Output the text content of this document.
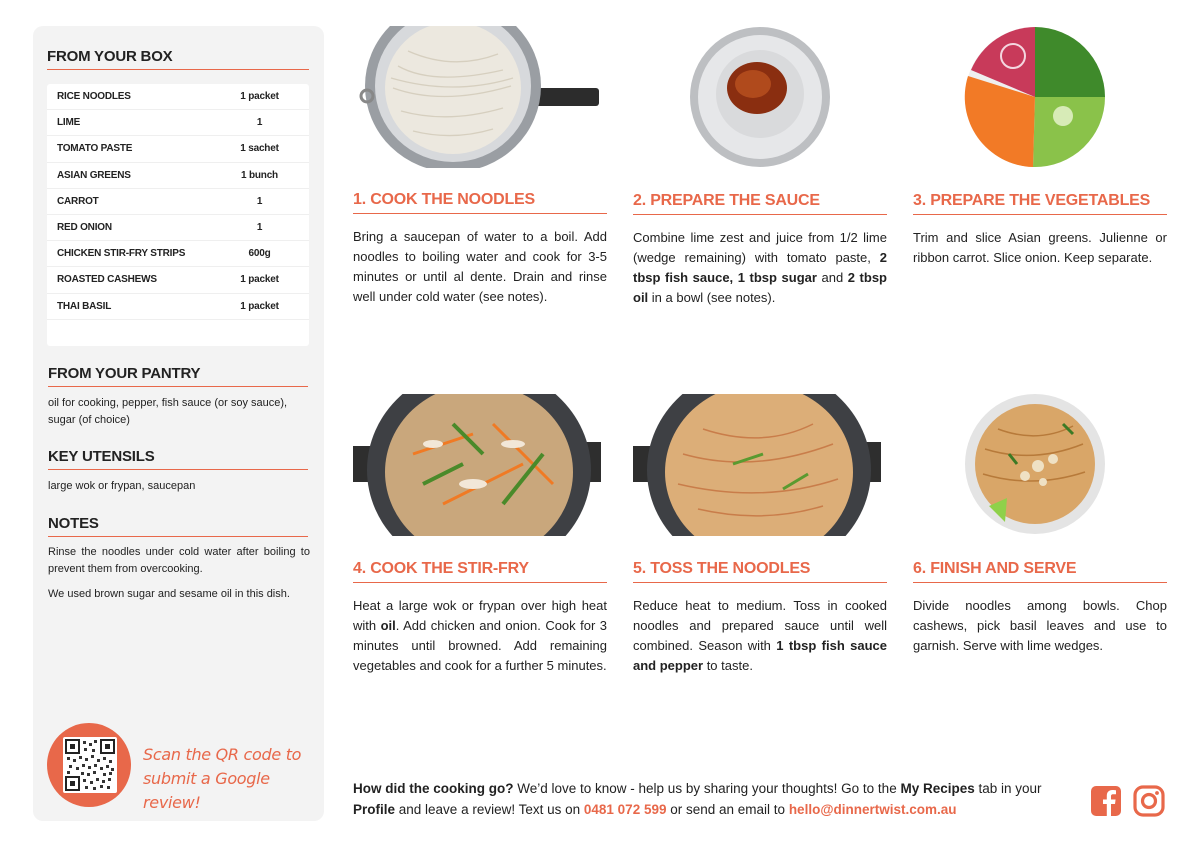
FROM YOUR BOX
RICE NOODLES	1 packet
LIME	1
TOMATO PASTE	1 sachet
ASIAN GREENS	1 bunch
CARROT	1
RED ONION	1
CHICKEN STIR-FRY STRIPS	600g
ROASTED CASHEWS	1 packet
THAI BASIL	1 packet
FROM YOUR PANTRY
oil for cooking, pepper, fish sauce (or soy sauce), sugar (of choice)
KEY UTENSILS
large wok or frypan, saucepan
NOTES
Rinse the noodles under cold water after boiling to prevent them from overcooking.
We used brown sugar and sesame oil in this dish.
Scan the QR code to
submit a Google review!
1. COOK THE NOODLES
Bring a saucepan of water to a boil. Add noodles to boiling water and cook for 3-5 minutes or until al dente. Drain and rinse well under cold water (see notes).
2. PREPARE THE SAUCE
Combine lime zest and juice from 1/2 lime (wedge remaining) with tomato paste, 2 tbsp fish sauce, 1 tbsp sugar and 2 tbsp oil in a bowl (see notes).
3. PREPARE THE VEGETABLES
Trim and slice Asian greens. Julienne or ribbon carrot. Slice onion. Keep separate.
4. COOK THE STIR-FRY
Heat a large wok or frypan over high heat with oil. Add chicken and onion. Cook for 3 minutes until browned. Add remaining vegetables and cook for a further 5 minutes.
5. TOSS THE NOODLES
Reduce heat to medium. Toss in cooked noodles and prepared sauce until well combined. Season with 1 tbsp fish sauce and pepper to taste.
6. FINISH AND SERVE
Divide noodles among bowls. Chop cashews, pick basil leaves and use to garnish. Serve with lime wedges.
How did the cooking go? We’d love to know - help us by sharing your thoughts! Go to the My Recipes tab in your Profile and leave a review! Text us on 0481 072 599 or send an email to hello@dinnertwist.com.au
